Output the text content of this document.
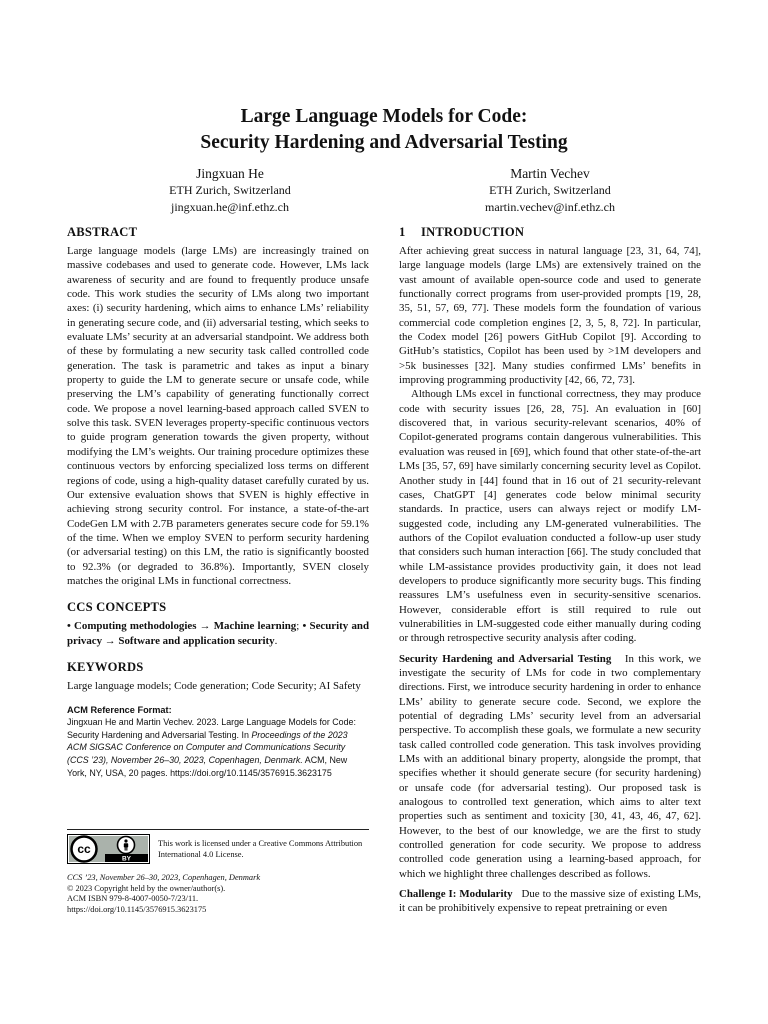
Large Language Models for Code:
Security Hardening and Adversarial Testing
Jingxuan He
ETH Zurich, Switzerland
jingxuan.he@inf.ethz.ch
Martin Vechev
ETH Zurich, Switzerland
martin.vechev@inf.ethz.ch
ABSTRACT

Large language models (large LMs) are increasingly trained on massive codebases and used to generate code. However, LMs lack awareness of security and are found to frequently produce unsafe code. This work studies the security of LMs along two important axes: (i) security hardening, which aims to enhance LMs’ reliability in generating secure code, and (ii) adversarial testing, which seeks to evaluate LMs’ security at an adversarial standpoint. We address both of these by formulating a new security task called controlled code generation. The task is parametric and takes as input a binary property to guide the LM to generate secure or unsafe code, while preserving the LM’s capability of generating functionally correct code. We propose a novel learning-based approach called SVEN to solve this task. SVEN leverages property-specific continuous vectors to guide program generation towards the given property, without modifying the LM’s weights. Our training procedure optimizes these continuous vectors by enforcing specialized loss terms on different regions of code, using a high-quality dataset carefully curated by us. Our extensive evaluation shows that SVEN is highly effective in achieving strong security control. For instance, a state-of-the-art CodeGen LM with 2.7B parameters generates secure code for 59.1% of the time. When we employ SVEN to perform security hardening (or adversarial testing) on this LM, the ratio is significantly boosted to 92.3% (or degraded to 36.8%). Importantly, SVEN closely matches the original LMs in functional correctness.

CCS CONCEPTS

• Computing methodologies → Machine learning; • Security and privacy → Software and application security.

KEYWORDS

Large language models; Code generation; Code Security; AI Safety

ACM Reference Format:

Jingxuan He and Martin Vechev. 2023. Large Language Models for Code: Security Hardening and Adversarial Testing. In Proceedings of the 2023 ACM SIGSAC Conference on Computer and Communications Security (CCS ’23), November 26–30, 2023, Copenhagen, Denmark. ACM, New York, NY, USA, 20 pages. https://doi.org/10.1145/3576915.3623175

cc
BY
This work is licensed under a Creative Commons Attribution International 4.0 License.
CCS ’23, November 26–30, 2023, Copenhagen, Denmark
© 2023 Copyright held by the owner/author(s).
ACM ISBN 979-8-4007-0050-7/23/11.
https://doi.org/10.1145/3576915.3623175
1 INTRODUCTION

After achieving great success in natural language [23, 31, 64, 74], large language models (large LMs) are extensively trained on the vast amount of available open-source code and used to generate functionally correct programs from user-provided prompts [19, 28, 35, 51, 57, 69, 77]. These models form the foundation of various commercial code completion engines [2, 3, 5, 8, 72]. In particular, the Codex model [26] powers GitHub Copilot [9]. According to GitHub’s statistics, Copilot has been used by >1M developers and >5k businesses [32]. Many studies confirmed LMs’ benefits in improving programming productivity [42, 66, 72, 73].

Although LMs excel in functional correctness, they may produce code with security issues [26, 28, 75]. An evaluation in [60] discovered that, in various security-relevant scenarios, 40% of Copilot-generated programs contain dangerous vulnerabilities. This evaluation was reused in [69], which found that other state-of-the-art LMs [35, 57, 69] have similarly concerning security level as Copilot. Another study in [44] found that in 16 out of 21 security-relevant cases, ChatGPT [4] generates code below minimal security standards. In practice, users can always reject or modify LM-suggested code, including any LM-generated vulnerabilities. The authors of the Copilot evaluation conducted a follow-up user study that considers such human interaction [66]. The study concluded that while LM-assistance provides productivity gain, it does not lead developers to produce significantly more security bugs. This finding reassures LM’s usefulness even in security-sensitive scenarios. However, considerable effort is still required to rule out vulnerabilities in LM-suggested code either manually during coding or through retrospective security analysis after coding.

Security Hardening and Adversarial Testing In this work, we investigate the security of LMs for code in two complementary directions. First, we introduce security hardening in order to enhance LMs’ ability to generate secure code. Second, we explore the potential of degrading LMs’ security level from an adversarial perspective. To accomplish these goals, we formulate a new security task called controlled code generation. This task involves providing LMs with an additional binary property, alongside the prompt, that specifies whether it should generate secure (for security hardening) or unsafe code (for adversarial testing). Our proposed task is analogous to controlled text generation, which aims to alter text properties such as sentiment and toxicity [30, 41, 43, 46, 47, 62]. However, to the best of our knowledge, we are the first to study controlled generation for code security. We propose to address controlled code generation using a learning-based approach, for which we highlight three challenges described as follows.

Challenge I: Modularity Due to the massive size of existing LMs, it can be prohibitively expensive to repeat pretraining or even
